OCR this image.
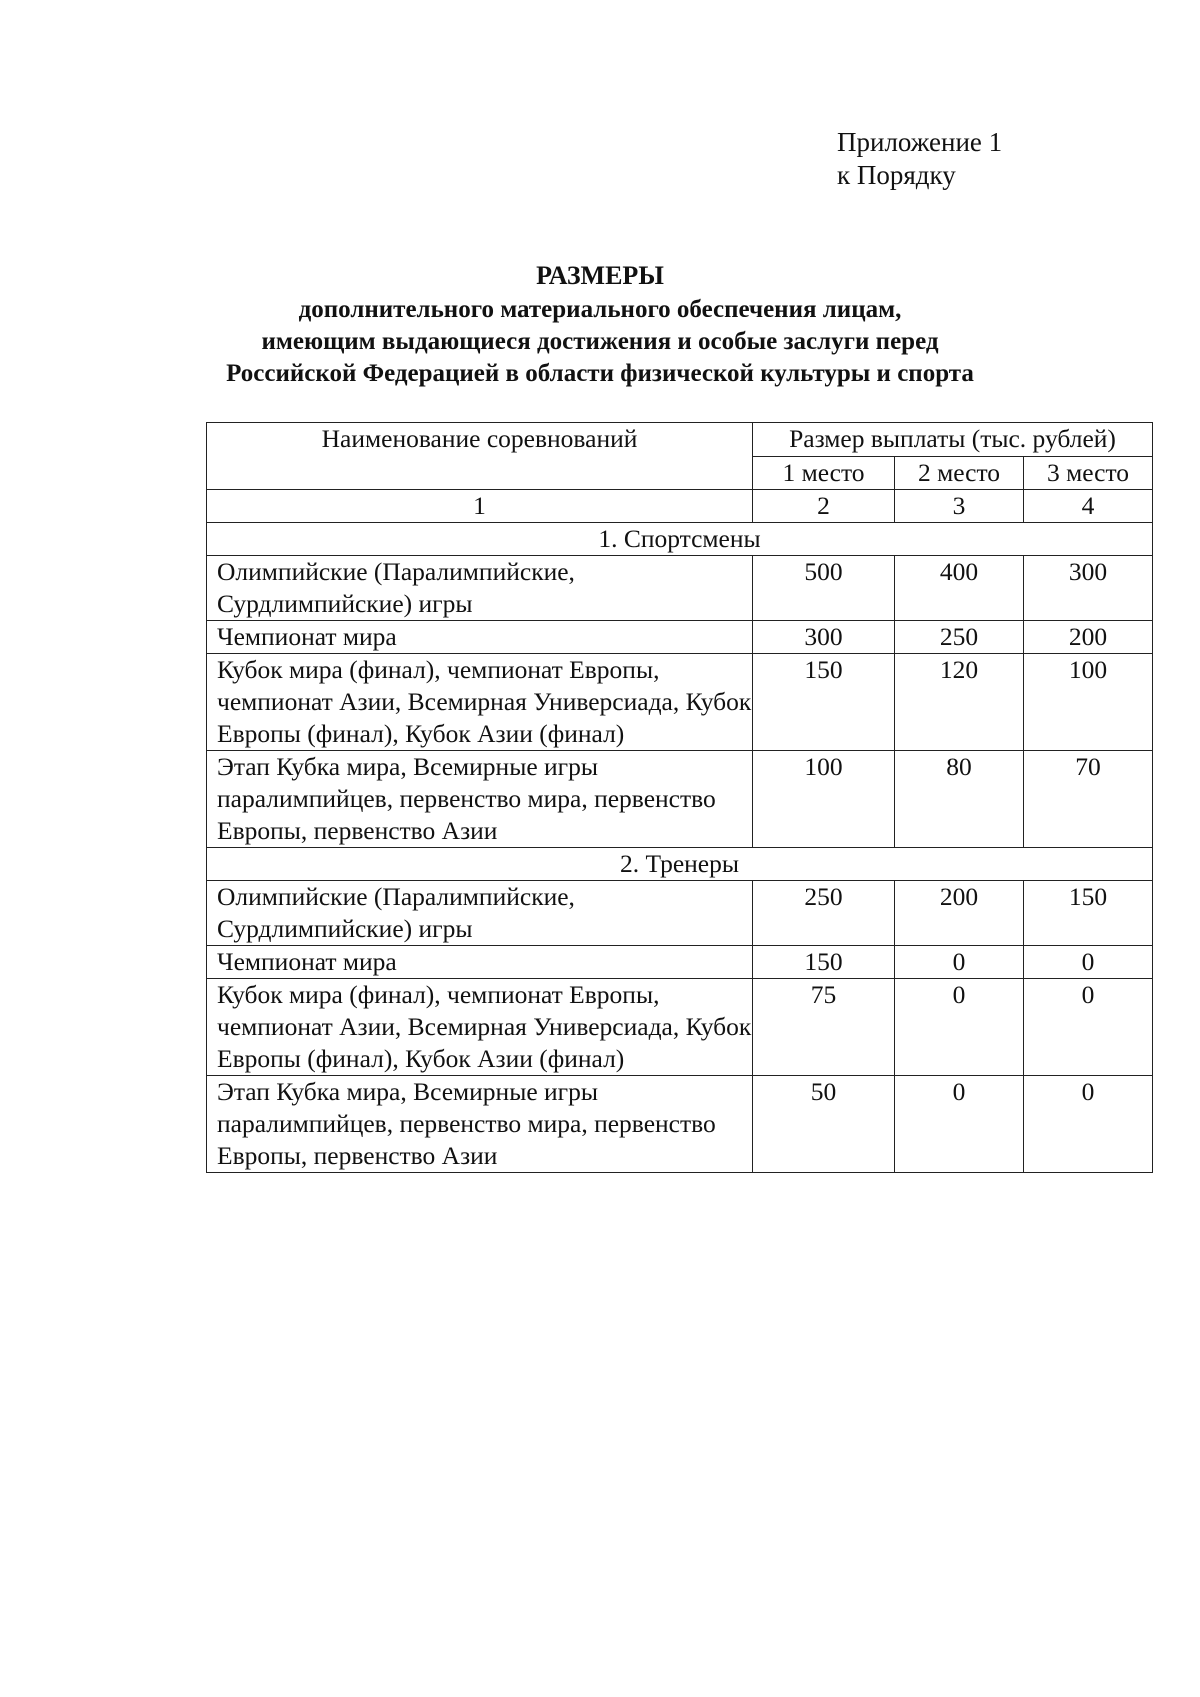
Приложение 1
к Порядку
РАЗМЕРЫ
дополнительного материального обеспечения лицам,
имеющим выдающиеся достижения и особые заслуги перед
Российской Федерацией в области физической культуры и спорта
Наименование соревнований	Размер выплаты (тыс. рублей)		
	1 место	2 место	3 место
1	2	3	4
1. Спортсмены			
Олимпийские (Паралимпийские, Сурдлимпийские) игры	500	400	300
Чемпионат мира	300	250	200
Кубок мира (финал), чемпионат Европы, чемпионат Азии, Всемирная Универсиада, Кубок Европы (финал), Кубок Азии (финал)	150	120	100
Этап Кубка мира, Всемирные игры паралимпийцев, первенство мира, первенство Европы, первенство Азии	100	80	70
2. Тренеры			
Олимпийские (Паралимпийские, Сурдлимпийские) игры	250	200	150
Чемпионат мира	150	0	0
Кубок мира (финал), чемпионат Европы, чемпионат Азии, Всемирная Универсиада, Кубок Европы (финал), Кубок Азии (финал)	75	0	0
Этап Кубка мира, Всемирные игры паралимпийцев, первенство мира, первенство Европы, первенство Азии	50	0	0
